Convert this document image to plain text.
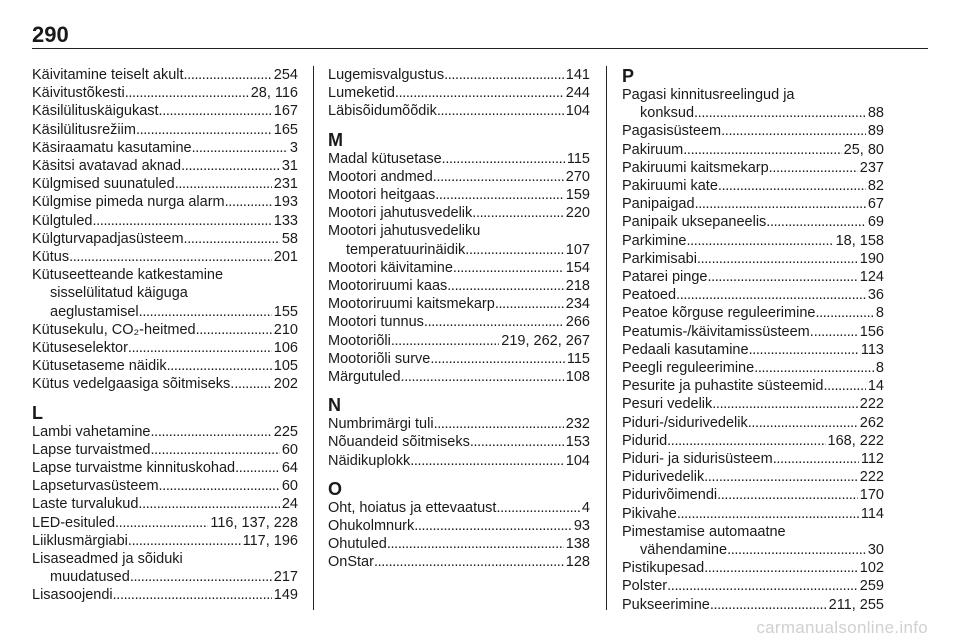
290
Käivitamine teiselt akult . . .	254
Käivitustõkesti . . .	28, 116
Käsilülituskäigukast . . .	167
Käsilülitusrežiim . . .	165
Käsiraamatu kasutamine . . .	3
Käsitsi avatavad aknad . . .	31
Külgmised suunatuled . . .	231
Külgmise pimeda nurga alarm . . .	193
Külgtuled . . .	133
Külgturvapadjasüsteem . . .	58
Kütus . . .	201
Kütuseetteande katkestamine
sisselülitatud käiguga
aeglustamisel . . .	155
Kütusekulu, CO₂-heitmed . . .	210
Kütuseselektor . . .	106
Kütusetaseme näidik . . .	105
Kütus vedelgaasiga sõitmiseks. . . .	202
L
Lambi vahetamine . . .	225
Lapse turvaistmed . . .	60
Lapse turvaistme kinnituskohad . . .	64
Lapseturvasüsteem . . .	60
Laste turvalukud . . .	24
LED-esituled . . .	116, 137, 228
Liiklusmärgiabi . . .	117, 196
Lisaseadmed ja sõiduki
muudatused . . .	217
Lisasoojendi . . .	149
Lugemisvalgustus . . .	141
Lumeketid . . .	244
Läbisõidumõõdik . . .	104
M
Madal kütusetase . . .	115
Mootori andmed . . .	270
Mootori heitgaas . . .	159
Mootori jahutusvedelik . . .	220
Mootori jahutusvedeliku
temperatuurinäidik . . .	107
Mootori käivitamine . . .	154
Mootoriruumi kaas . . .	218
Mootoriruumi kaitsmekarp . . .	234
Mootori tunnus . . .	266
Mootoriõli . . .	219, 262, 267
Mootoriõli surve . . .	115
Märgutuled . . .	108
N
Numbrimärgi tuli . . .	232
Nõuandeid sõitmiseks . . .	153
Näidikuplokk . . .	104
O
Oht, hoiatus ja ettevaatust . . .	4
Ohukolmnurk . . .	93
Ohutuled . . .	138
OnStar . . .	128
P
Pagasi kinnitusreelingud ja
konksud . . .	88
Pagasisüsteem . . .	89
Pakiruum . . .	25, 80
Pakiruumi kaitsmekarp . . .	237
Pakiruumi kate . . .	82
Panipaigad . . .	67
Panipaik uksepaneelis . . .	69
Parkimine . . .	18, 158
Parkimisabi . . .	190
Patarei pinge . . .	124
Peatoed . . .	36
Peatoe kõrguse reguleerimine . . .	8
Peatumis-/käivitamissüsteem. . . .	156
Pedaali kasutamine . . .	113
Peegli reguleerimine . . .	8
Pesurite ja puhastite süsteemid . . .	14
Pesuri vedelik . . .	222
Piduri-/sidurivedelik . . .	262
Pidurid . . .	168, 222
Piduri- ja sidurisüsteem . . .	112
Pidurivedelik . . .	222
Pidurivõimendi . . .	170
Pikivahe . . .	114
Pimestamise automaatne
vähendamine . . .	30
Pistikupesad . . .	102
Polster . . .	259
Pukseerimine . . .	211, 255
carmanualsonline.info
